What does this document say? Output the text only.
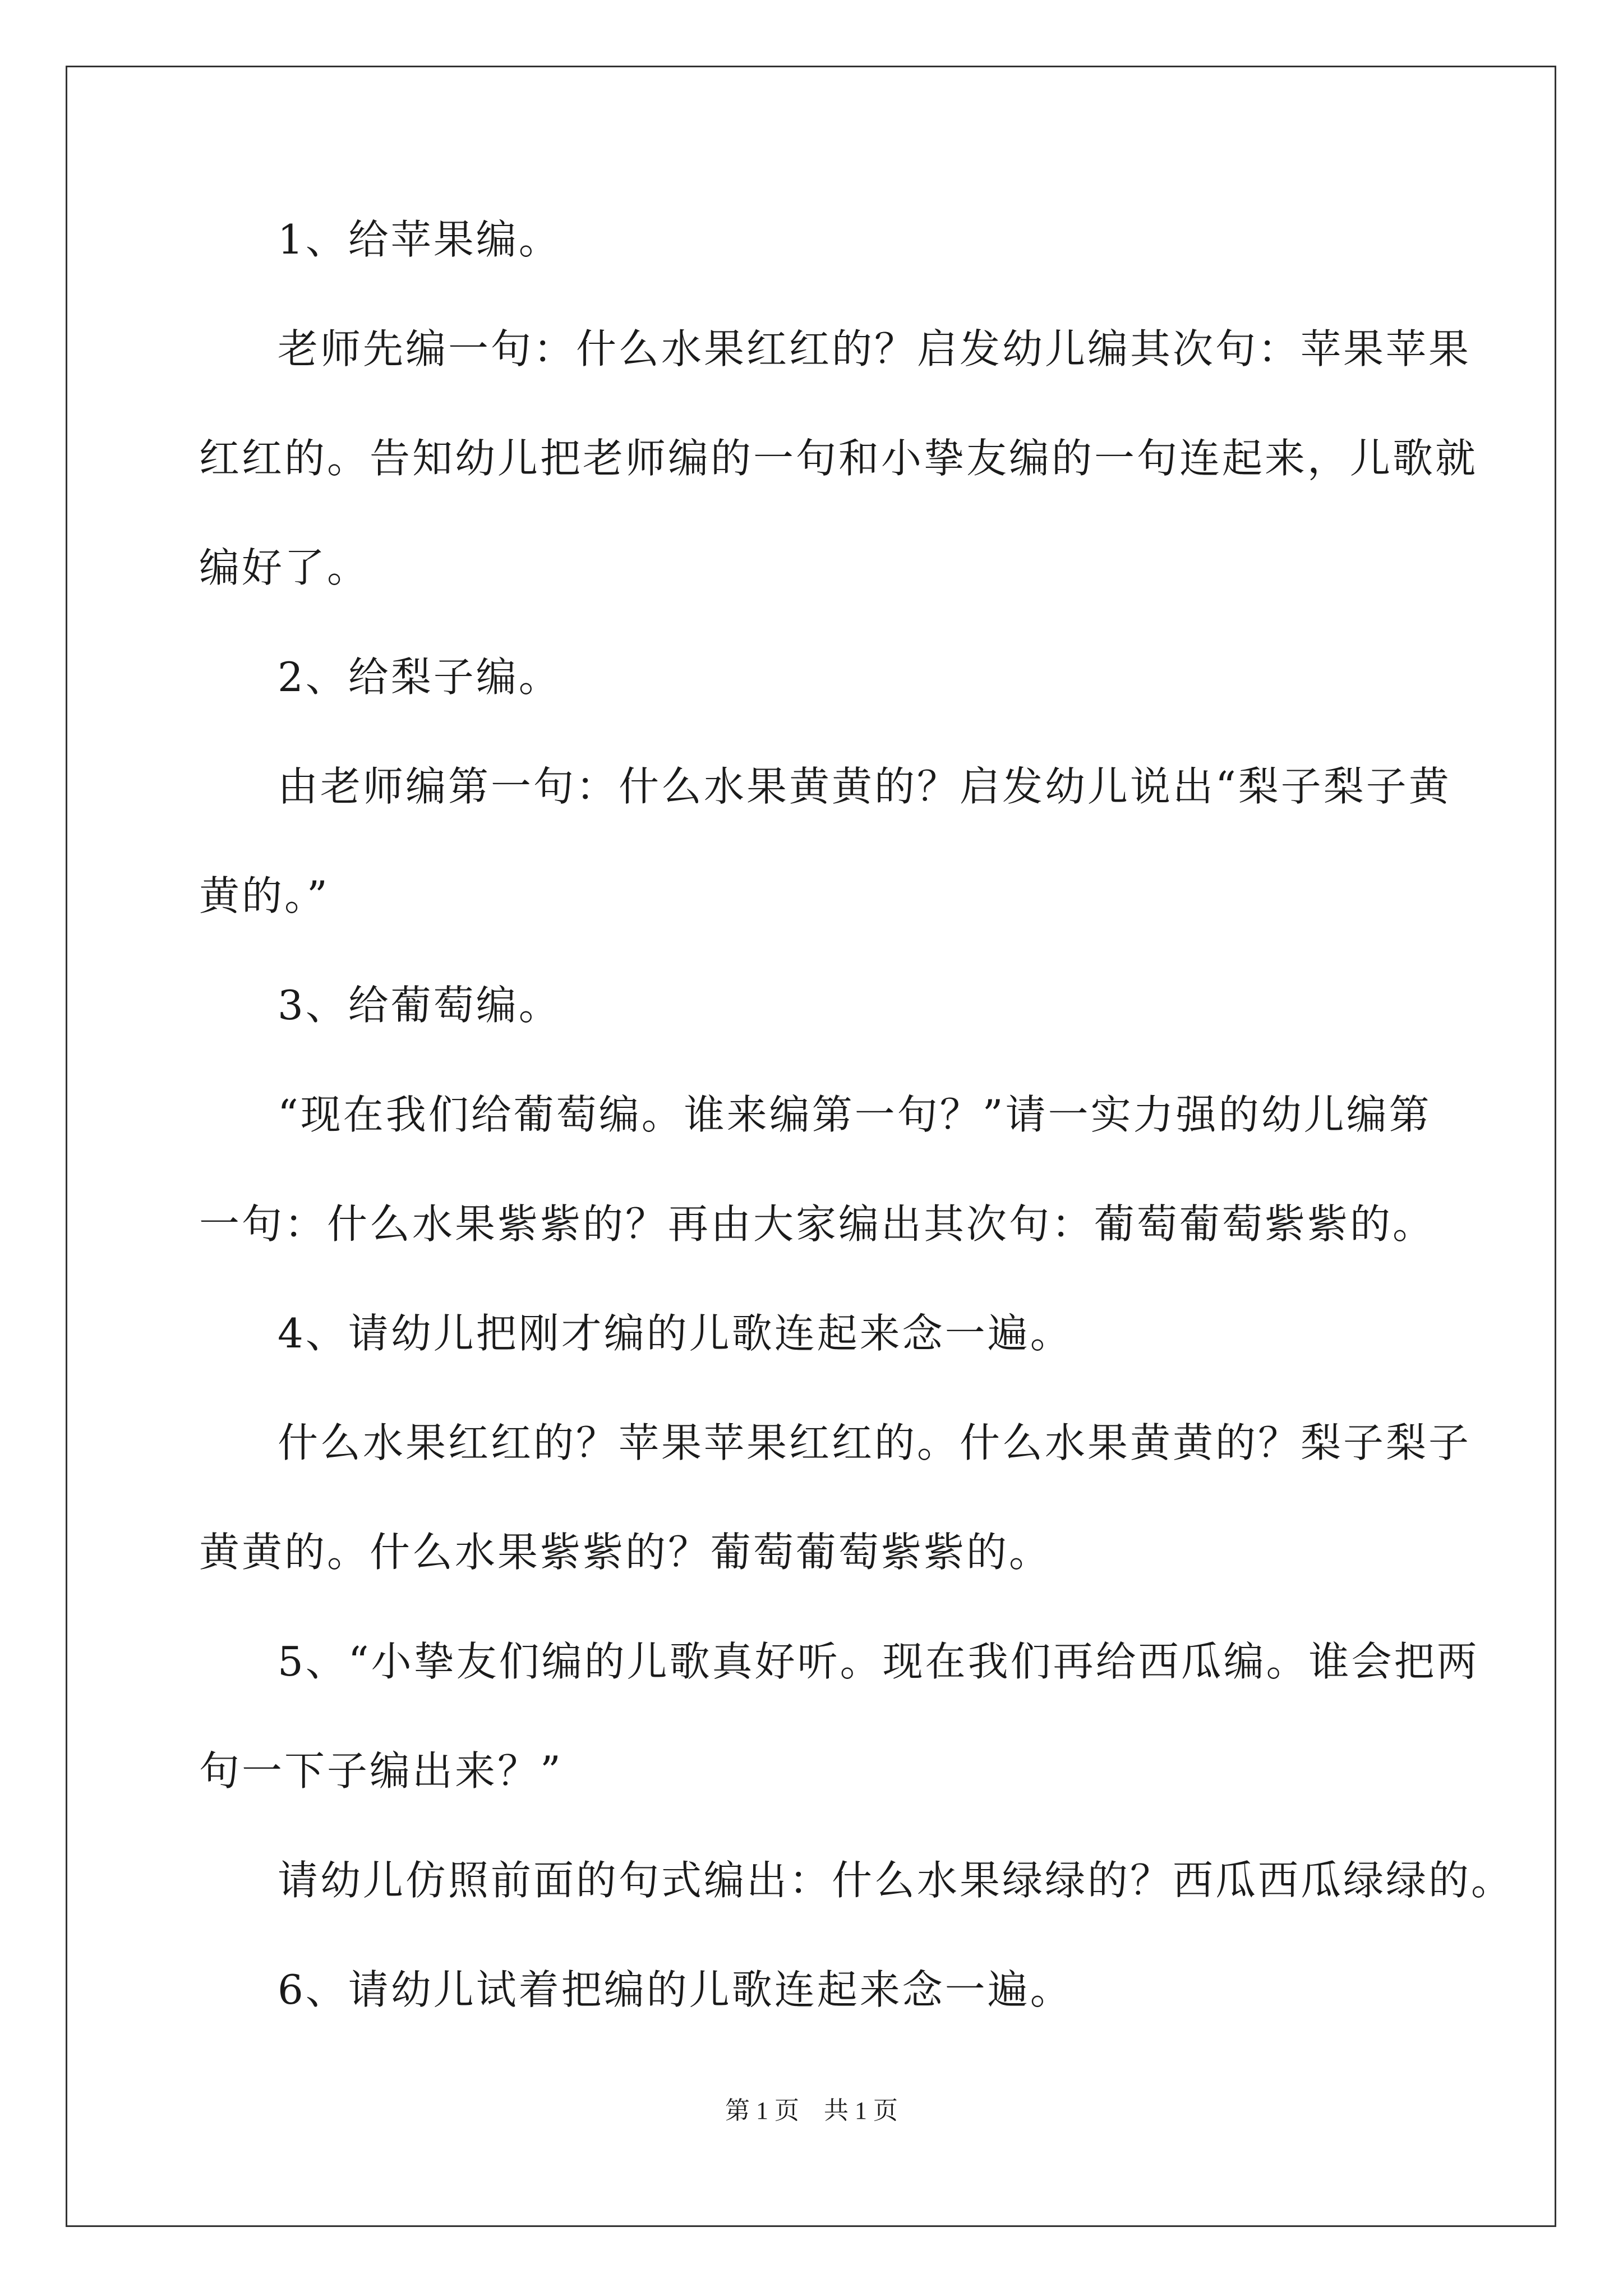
1、给苹果编。
老师先编一句：什么水果红红的？启发幼儿编其次句：苹果苹果
红红的。告知幼儿把老师编的一句和小挚友编的一句连起来，儿歌就
编好了。
2、给梨子编。
由老师编第一句：什么水果黄黄的？启发幼儿说出“梨子梨子黄
黄的。”
3、给葡萄编。
“现在我们给葡萄编。谁来编第一句？”请一实力强的幼儿编第
一句：什么水果紫紫的？再由大家编出其次句：葡萄葡萄紫紫的。
4、请幼儿把刚才编的儿歌连起来念一遍。
什么水果红红的？苹果苹果红红的。什么水果黄黄的？梨子梨子
黄黄的。什么水果紫紫的？葡萄葡萄紫紫的。
5、“小挚友们编的儿歌真好听。现在我们再给西瓜编。谁会把两
句一下子编出来？”
请幼儿仿照前面的句式编出：什么水果绿绿的？西瓜西瓜绿绿的。
6、请幼儿试着把编的儿歌连起来念一遍。
第 1 页　共 1 页
